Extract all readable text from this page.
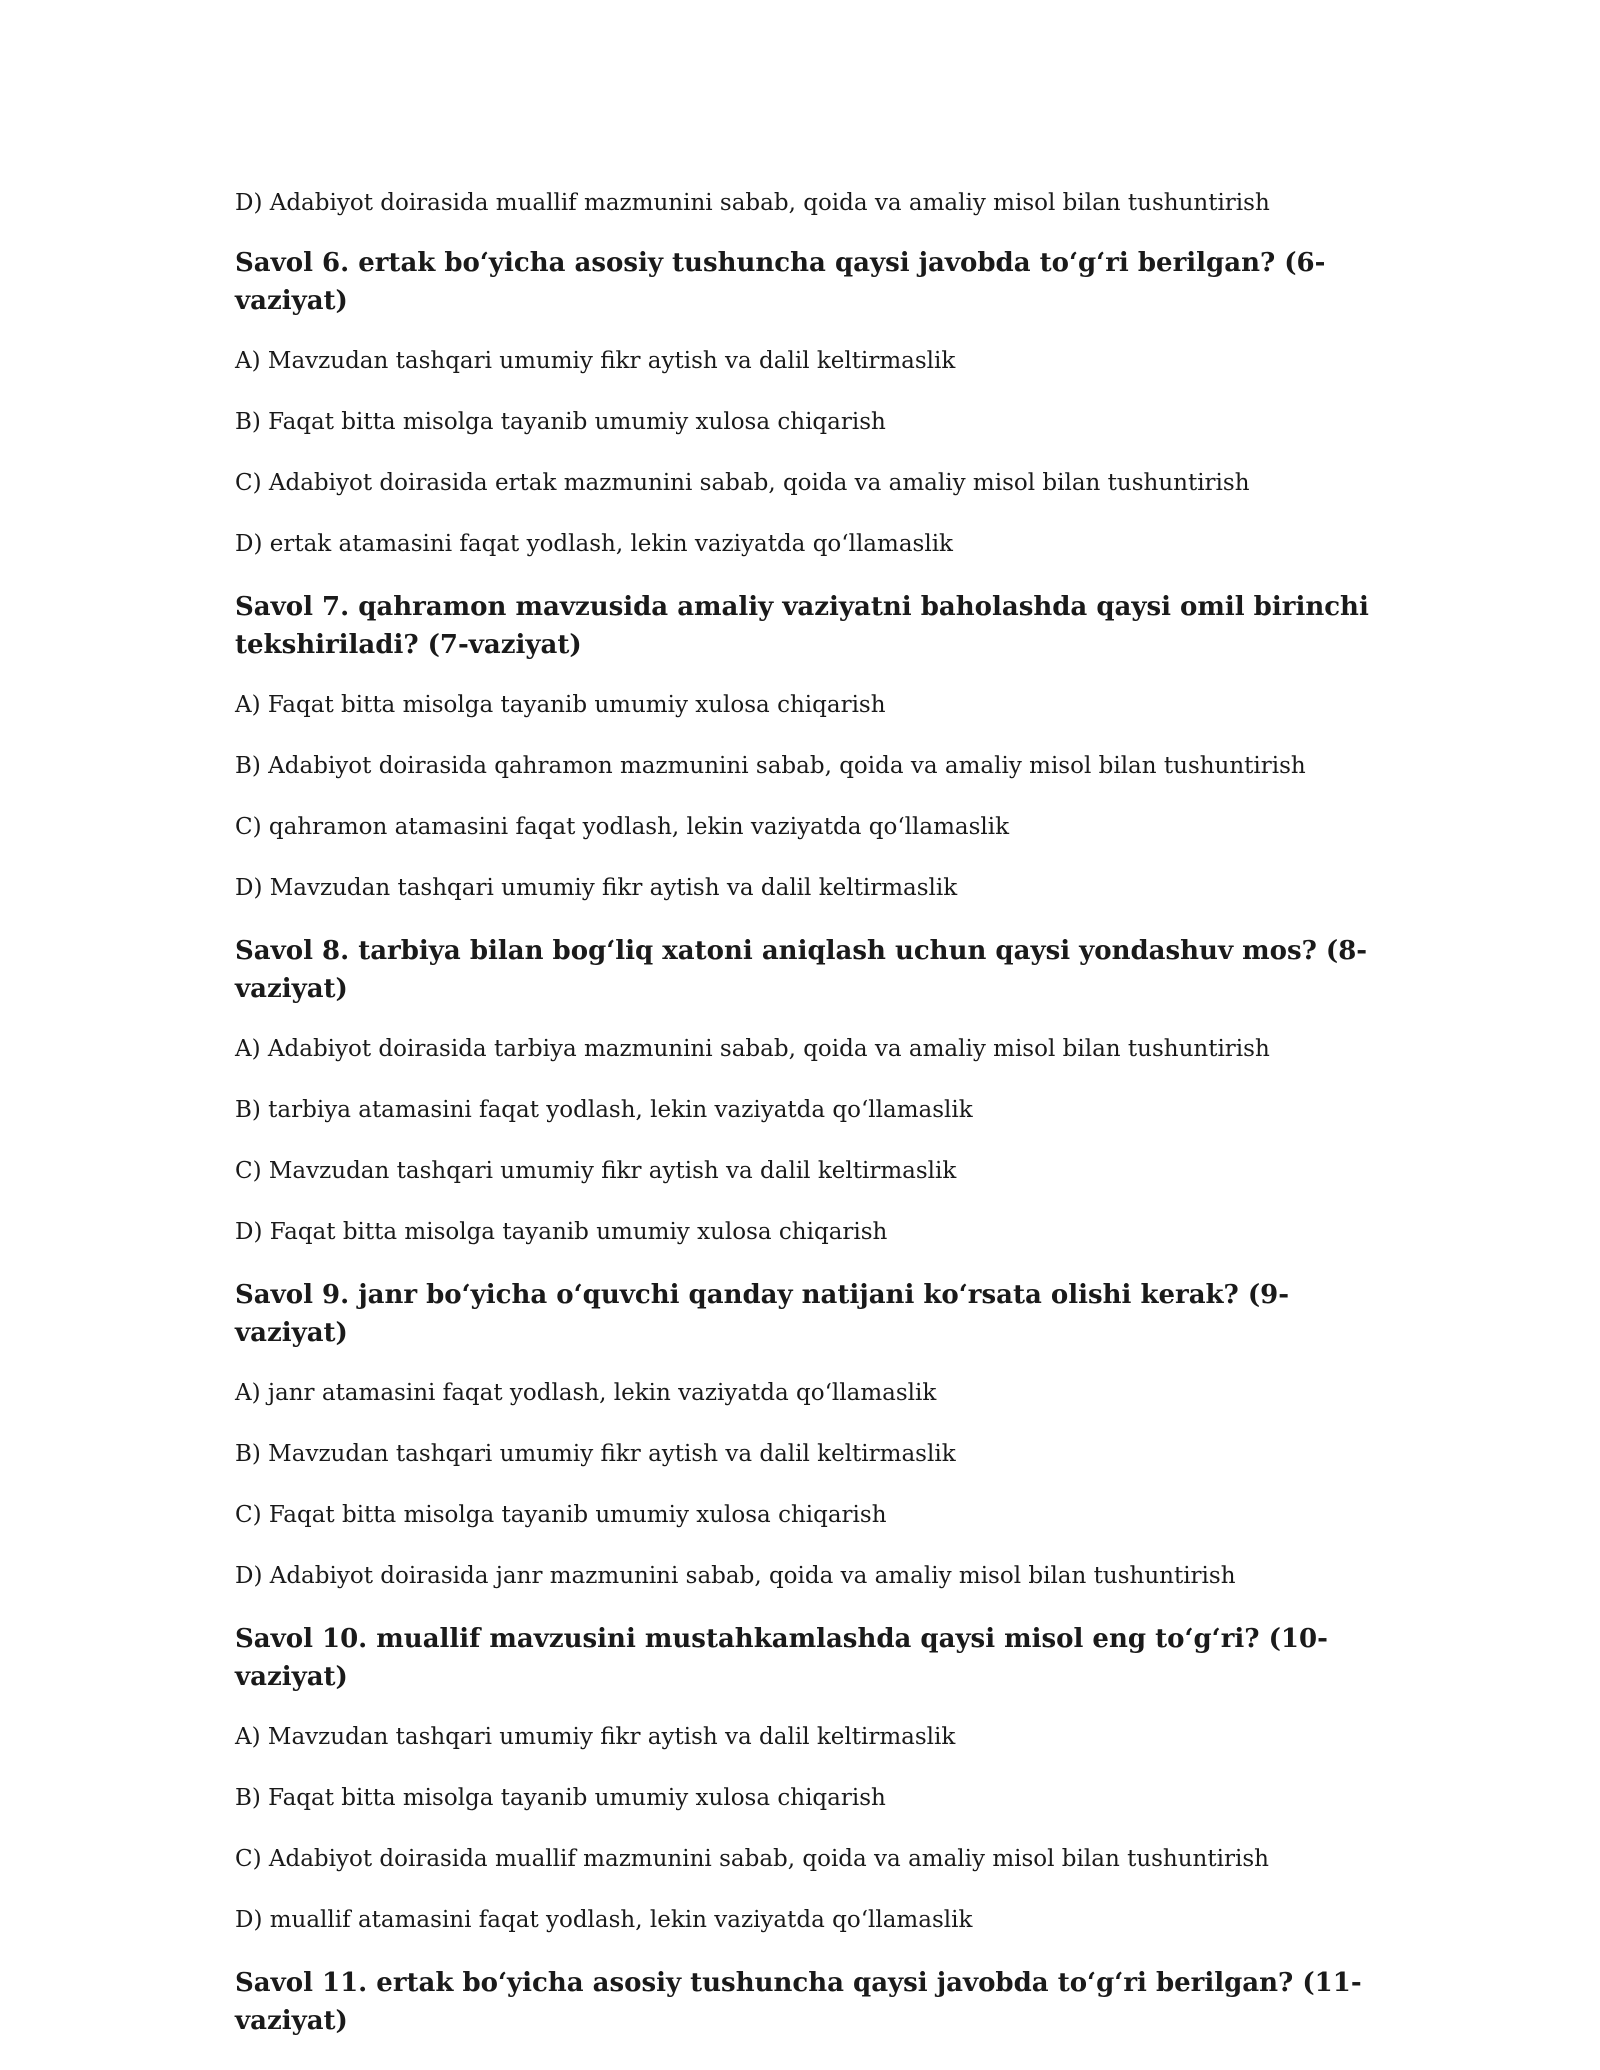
D) Adabiyot doirasida muallif mazmunini sabab, qoida va amaliy misol bilan tushuntirish

Savol 6. ertak bo‘yicha asosiy tushuncha qaysi javobda to‘g‘ri berilgan? (6-vaziyat)

A) Mavzudan tashqari umumiy fikr aytish va dalil keltirmaslik

B) Faqat bitta misolga tayanib umumiy xulosa chiqarish

C) Adabiyot doirasida ertak mazmunini sabab, qoida va amaliy misol bilan tushuntirish

D) ertak atamasini faqat yodlash, lekin vaziyatda qo‘llamaslik

Savol 7. qahramon mavzusida amaliy vaziyatni baholashda qaysi omil birinchi tekshiriladi? (7-vaziyat)

A) Faqat bitta misolga tayanib umumiy xulosa chiqarish

B) Adabiyot doirasida qahramon mazmunini sabab, qoida va amaliy misol bilan tushuntirish

C) qahramon atamasini faqat yodlash, lekin vaziyatda qo‘llamaslik

D) Mavzudan tashqari umumiy fikr aytish va dalil keltirmaslik

Savol 8. tarbiya bilan bog‘liq xatoni aniqlash uchun qaysi yondashuv mos? (8-vaziyat)

A) Adabiyot doirasida tarbiya mazmunini sabab, qoida va amaliy misol bilan tushuntirish

B) tarbiya atamasini faqat yodlash, lekin vaziyatda qo‘llamaslik

C) Mavzudan tashqari umumiy fikr aytish va dalil keltirmaslik

D) Faqat bitta misolga tayanib umumiy xulosa chiqarish

Savol 9. janr bo‘yicha o‘quvchi qanday natijani ko‘rsata olishi kerak? (9-vaziyat)

A) janr atamasini faqat yodlash, lekin vaziyatda qo‘llamaslik

B) Mavzudan tashqari umumiy fikr aytish va dalil keltirmaslik

C) Faqat bitta misolga tayanib umumiy xulosa chiqarish

D) Adabiyot doirasida janr mazmunini sabab, qoida va amaliy misol bilan tushuntirish

Savol 10. muallif mavzusini mustahkamlashda qaysi misol eng to‘g‘ri? (10-vaziyat)

A) Mavzudan tashqari umumiy fikr aytish va dalil keltirmaslik

B) Faqat bitta misolga tayanib umumiy xulosa chiqarish

C) Adabiyot doirasida muallif mazmunini sabab, qoida va amaliy misol bilan tushuntirish

D) muallif atamasini faqat yodlash, lekin vaziyatda qo‘llamaslik

Savol 11. ertak bo‘yicha asosiy tushuncha qaysi javobda to‘g‘ri berilgan? (11-vaziyat)
